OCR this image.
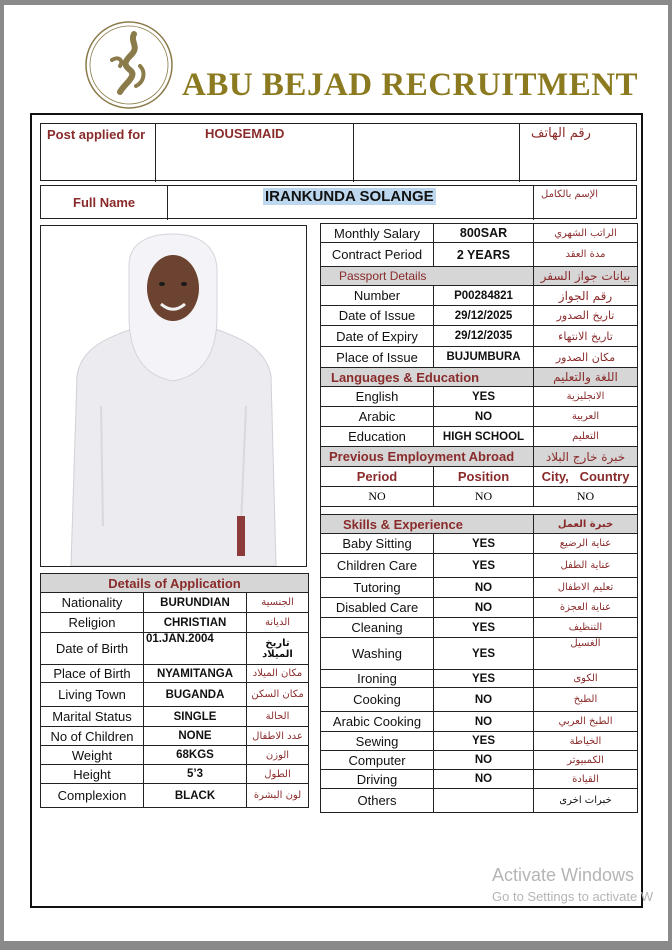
ABU BEJAD RECRUITMENT
Post applied for	HOUSEMAID	رقم الهاتف
Full Name	IRANKUNDA SOLANGE	الإسم بالكامل
Details of Application		
Nationality	BURUNDIAN	الجنسية
Religion	CHRISTIAN	الديانة
Date of Birth	01.JAN.2004	تاريخ الميلاد
Place of Birth	NYAMITANGA	مكان الميلاد
Living Town	BUGANDA	مكان السكن
Marital Status	SINGLE	الحالة
No of Children	NONE	عدد الاطفال
Weight	68KGS	الوزن
Height	5’3	الطول
Complexion	BLACK	لون البشرة
Monthly Salary	800SAR	الراتب الشهري
Contract Period	2 YEARS	مدة العقد
Passport Details		بيانات جواز السفر
Number	P00284821	رقم الجواز
Date of Issue	29/12/2025	تاريخ الصدور
Date of Expiry	29/12/2035	تاريخ الانتهاء
Place of Issue	BUJUMBURA	مكان الصدور
Languages & Education		اللغة والتعليم
English	YES	الانجليزية
Arabic	NO	العربية
Education	HIGH SCHOOL	التعليم
Previous Employment Abroad		خبرة خارج البلاد
Period	Position	City,   Country
NO	NO	NO

Skills & Experience		خبرة العمل
Baby Sitting	YES	عناية الرضيع
Children Care	YES	عناية الطفل
Tutoring	NO	تعليم الاطفال
Disabled Care	NO	عناية العجزة
Cleaning	YES	التنظيف
Washing	YES	الغسيل
Ironing	YES	الكوى
Cooking	NO	الطبخ
Arabic Cooking	NO	الطبخ العربي
Sewing	YES	الخياطة
Computer	NO	الكمبيوتر
Driving	NO	القيادة
Others		خبرات اخرى
Activate Windows
Go to Settings to activate W
